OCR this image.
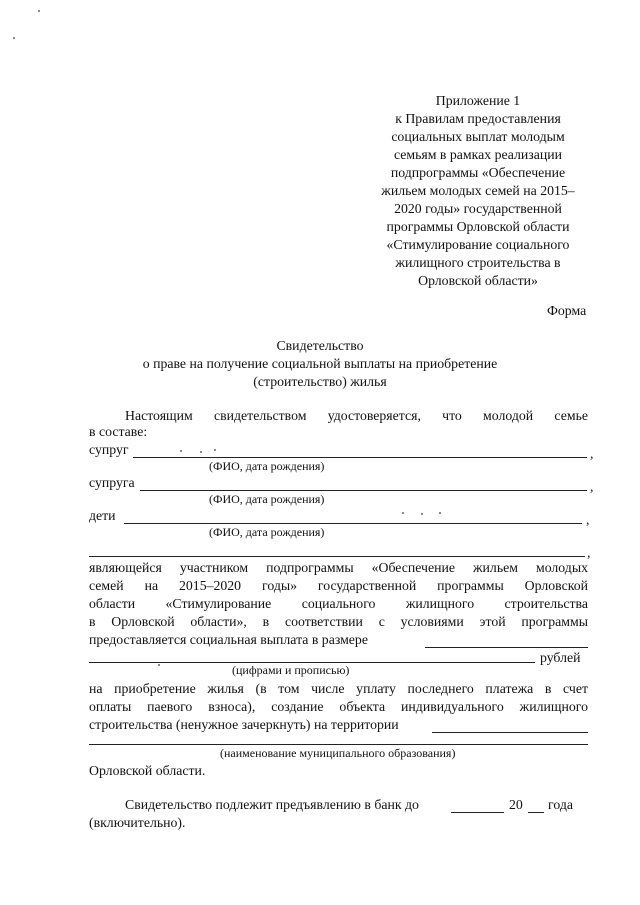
Приложение 1
к Правилам предоставления
социальных выплат молодым
семьям в рамках реализации
подпрограммы «Обеспечение
жильем молодых семей на 2015–
2020 годы» государственной
программы Орловской области
«Стимулирование социального
жилищного строительства в
Орловской области»
Форма
Свидетельство
о праве на получение социальной выплаты на приобретение
(строительство) жилья
Настоящим свидетельством удостоверяется, что молодой семье
в составе:
супруг	,
(ФИО, дата рождения)
супруга	,
(ФИО, дата рождения)
дети	,
(ФИО, дата рождения)
,
являющейся участником подпрограммы «Обеспечение жильем молодых
семей на 2015–2020 годы» государственной программы Орловской
области «Стимулирование социального жилищного строительства
в Орловской области», в соответствии с условиями этой программы
предоставляется социальная выплата в размере
рублей
(цифрами и прописью)
на приобретение жилья (в том числе уплату последнего платежа в счет
оплаты паевого взноса), создание объекта индивидуального жилищного
строительства (ненужное зачеркнуть) на территории
(наименование муниципального образования)
Орловской области.
Свидетельство подлежит предъявлению в банк до	20 года
(включительно).
